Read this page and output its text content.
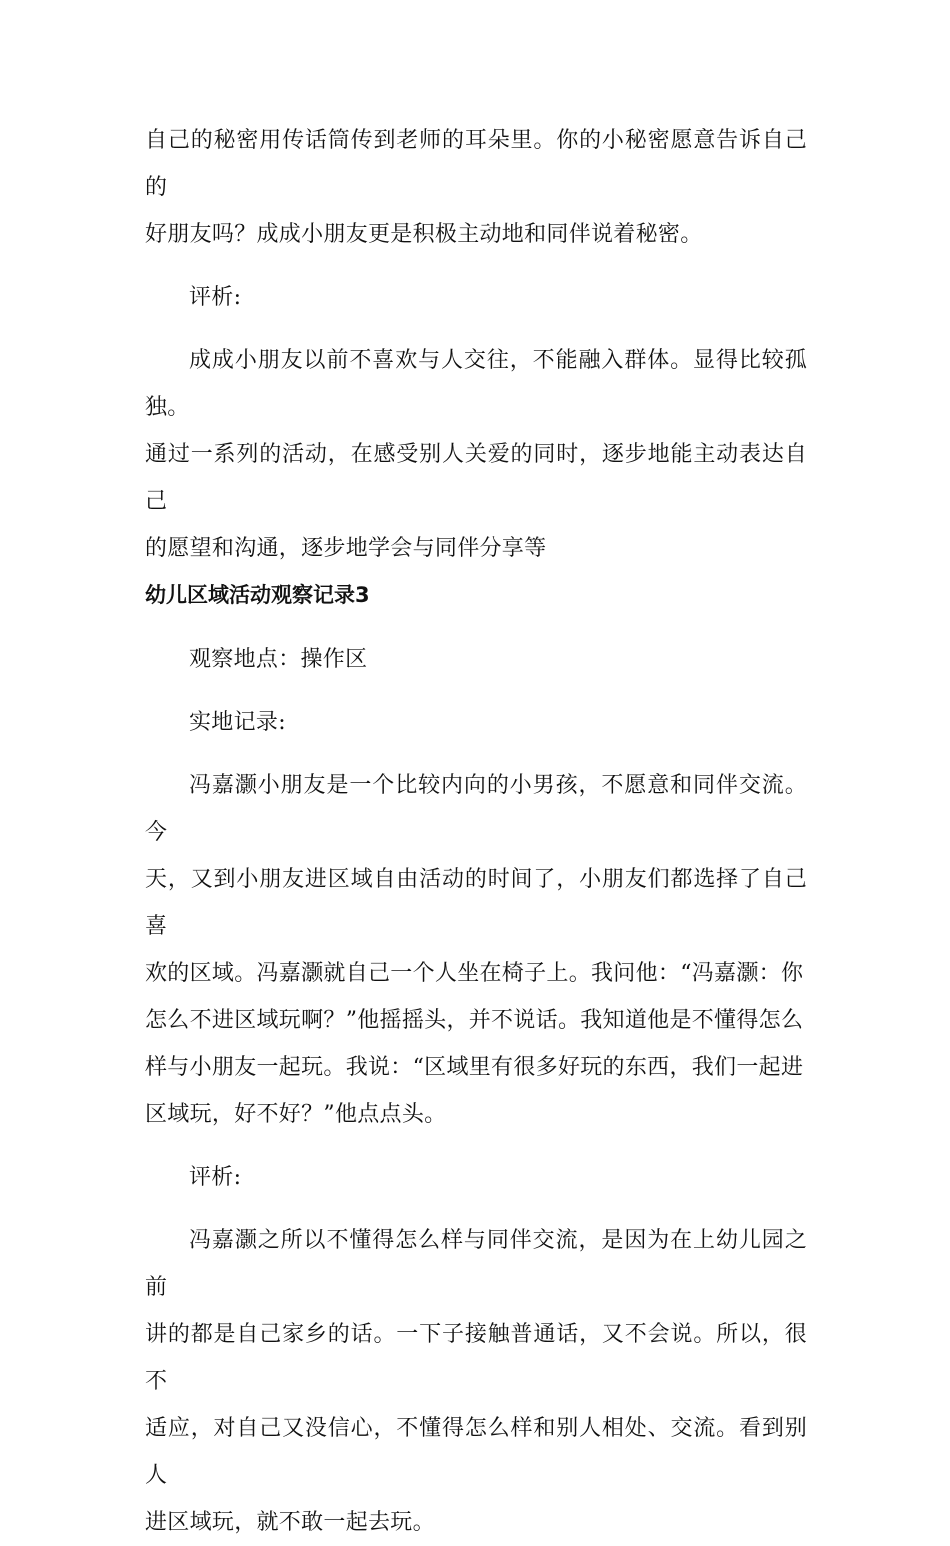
自己的秘密用传话筒传到老师的耳朵里。你的小秘密愿意告诉自己的
好朋友吗？成成小朋友更是积极主动地和同伴说着秘密。

评析:

成成小朋友以前不喜欢与人交往，不能融入群体。显得比较孤独。
通过一系列的活动，在感受别人关爱的同时，逐步地能主动表达自己
的愿望和沟通，逐步地学会与同伴分享等

幼儿区域活动观察记录3

观察地点：操作区

实地记录:

冯嘉灏小朋友是一个比较内向的小男孩，不愿意和同伴交流。今
天，又到小朋友进区域自由活动的时间了，小朋友们都选择了自己喜
欢的区域。冯嘉灏就自己一个人坐在椅子上。我问他：“冯嘉灏：你
怎么不进区域玩啊？”他摇摇头，并不说话。我知道他是不懂得怎么
样与小朋友一起玩。我说：“区域里有很多好玩的东西，我们一起进
区域玩，好不好？”他点点头。

评析:

冯嘉灏之所以不懂得怎么样与同伴交流，是因为在上幼儿园之前
讲的都是自己家乡的话。一下子接触普通话，又不会说。所以，很不
适应，对自己又没信心，不懂得怎么样和别人相处、交流。看到别人
进区域玩，就不敢一起去玩。
